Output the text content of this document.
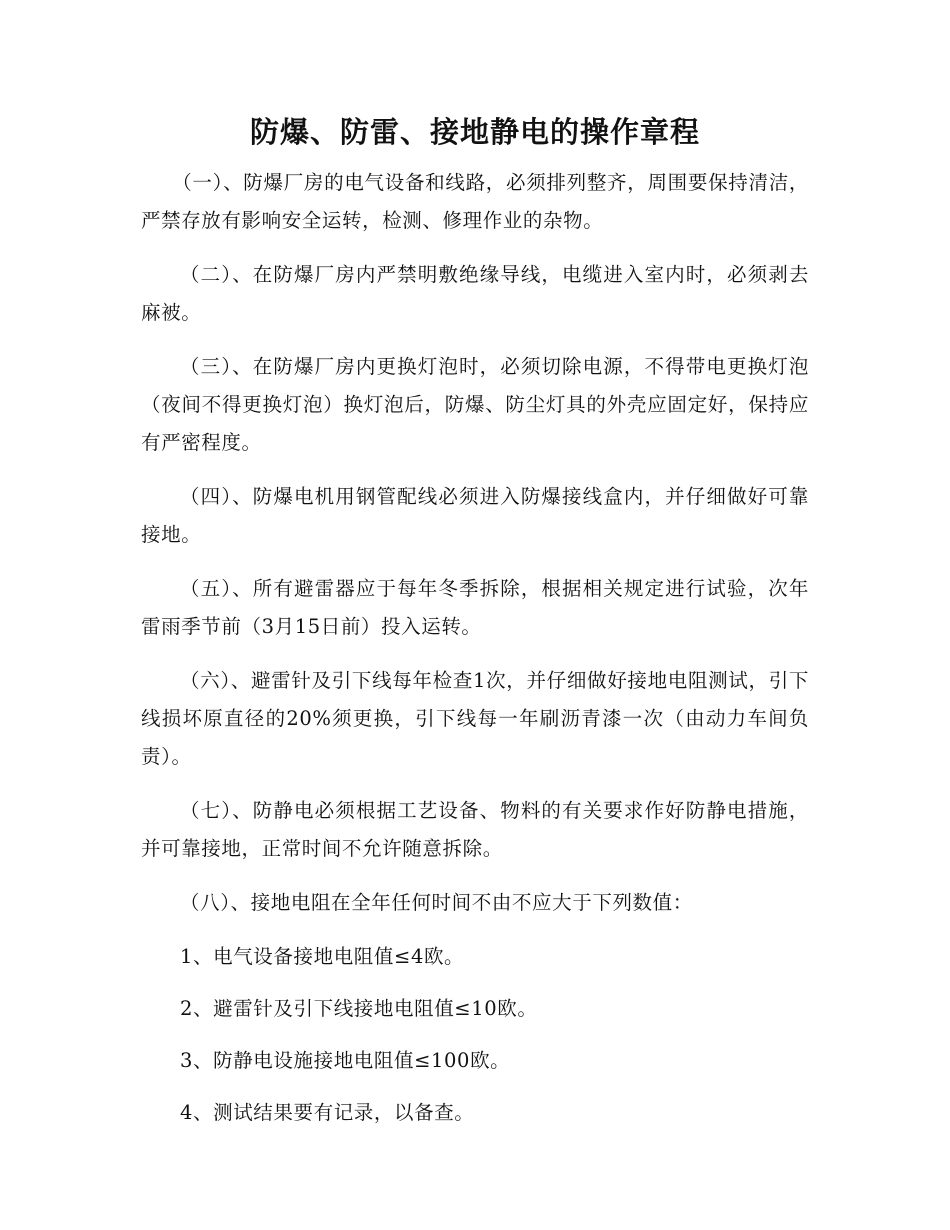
防爆、防雷、接地静电的操作章程

（一）、防爆厂房的电气设备和线路，必须排列整齐，周围要保持清洁，严禁存放有影响安全运转，检测、修理作业的杂物。

（二）、在防爆厂房内严禁明敷绝缘导线，电缆进入室内时，必须剥去麻被。

（三）、在防爆厂房内更换灯泡时，必须切除电源，不得带电更换灯泡（夜间不得更换灯泡）换灯泡后，防爆、防尘灯具的外壳应固定好，保持应有严密程度。

（四）、防爆电机用钢管配线必须进入防爆接线盒内，并仔细做好可靠接地。

（五）、所有避雷器应于每年冬季拆除，根据相关规定进行试验，次年雷雨季节前（3月15日前）投入运转。

（六）、避雷针及引下线每年检查1次，并仔细做好接地电阻测试，引下线损坏原直径的20%须更换，引下线每一年刷沥青漆一次（由动力车间负责）。

（七）、防静电必须根据工艺设备、物料的有关要求作好防静电措施，并可靠接地，正常时间不允许随意拆除。

（八）、接地电阻在全年任何时间不由不应大于下列数值：

1、电气设备接地电阻值≤4欧。

2、避雷针及引下线接地电阻值≤10欧。

3、防静电设施接地电阻值≤100欧。

4、测试结果要有记录，以备查。
